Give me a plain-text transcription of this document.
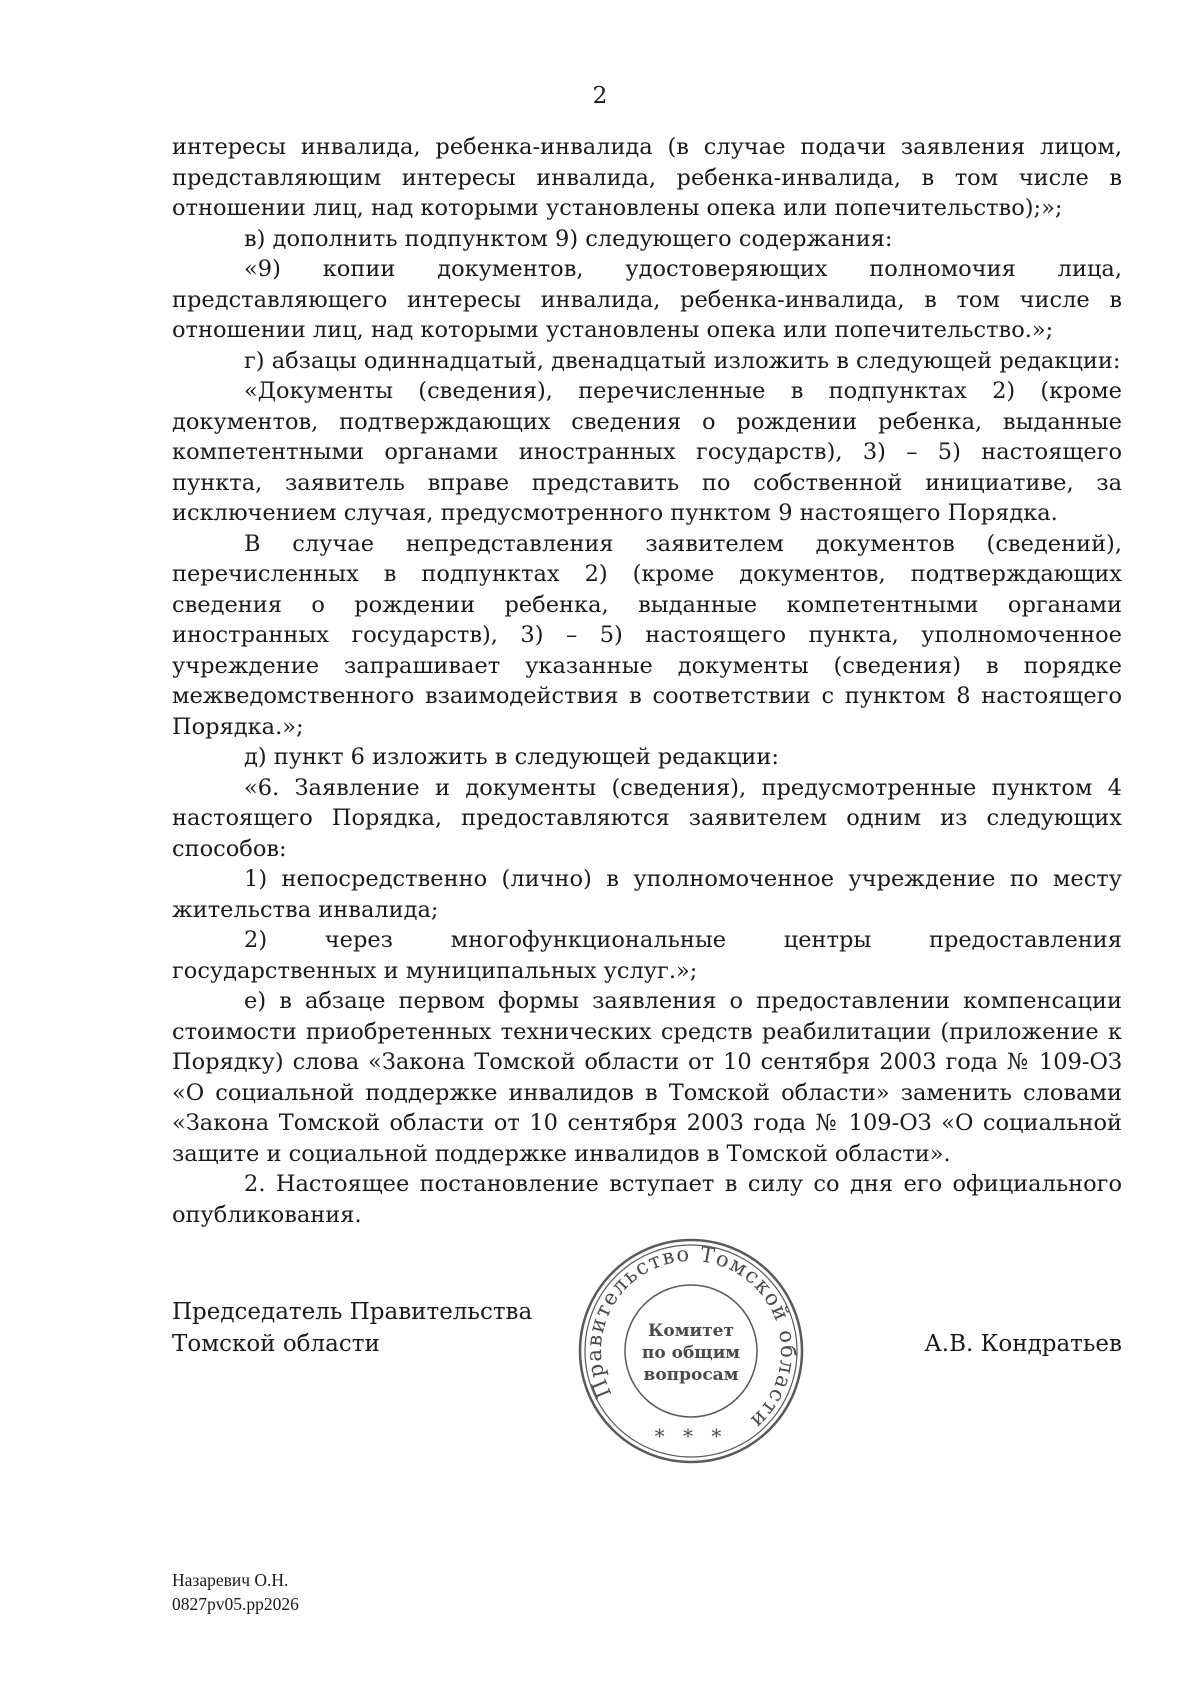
2

интересы инвалида, ребенка-инвалида (в случае подачи заявления лицом, представляющим интересы инвалида, ребенка-инвалида, в том числе в отношении лиц, над которыми установлены опека или попечительство);»;

в) дополнить подпунктом 9) следующего содержания:

«9) копии документов, удостоверяющих полномочия лица, представляющего интересы инвалида, ребенка-инвалида, в том числе в отношении лиц, над которыми установлены опека или попечительство.»;

г) абзацы одиннадцатый, двенадцатый изложить в следующей редакции:

«Документы (сведения), перечисленные в подпунктах 2) (кроме документов, подтверждающих сведения о рождении ребенка, выданные компетентными органами иностранных государств), 3) – 5) настоящего пункта, заявитель вправе представить по собственной инициативе, за исключением случая, предусмотренного пунктом 9 настоящего Порядка.

В случае непредставления заявителем документов (сведений), перечисленных в подпунктах 2) (кроме документов, подтверждающих сведения о рождении ребенка, выданные компетентными органами иностранных государств), 3) – 5) настоящего пункта, уполномоченное учреждение запрашивает указанные документы (сведения) в порядке межведомственного взаимодействия в соответствии с пунктом 8 настоящего Порядка.»;

д) пункт 6 изложить в следующей редакции:

«6. Заявление и документы (сведения), предусмотренные пунктом 4 настоящего Порядка, предоставляются заявителем одним из следующих способов:

1) непосредственно (лично) в уполномоченное учреждение по месту жительства инвалида;

2) через многофункциональные центры предоставления государственных и муниципальных услуг.»;

е) в абзаце первом формы заявления о предоставлении компенсации стоимости приобретенных технических средств реабилитации (приложение к Порядку) слова «Закона Томской области от 10 сентября 2003 года № 109-ОЗ «О социальной поддержке инвалидов в Томской области» заменить словами «Закона Томской области от 10 сентября 2003 года № 109-ОЗ «О социальной защите и социальной поддержке инвалидов в Томской области».

2. Настоящее постановление вступает в силу со дня его официального опубликования.

Председатель Правительства
Томской области	А.В. Кондратьев
Правительство Томской области
Комитет
по общим
вопросам
* * *
Назаревич О.Н.
0827pv05.pp2026
